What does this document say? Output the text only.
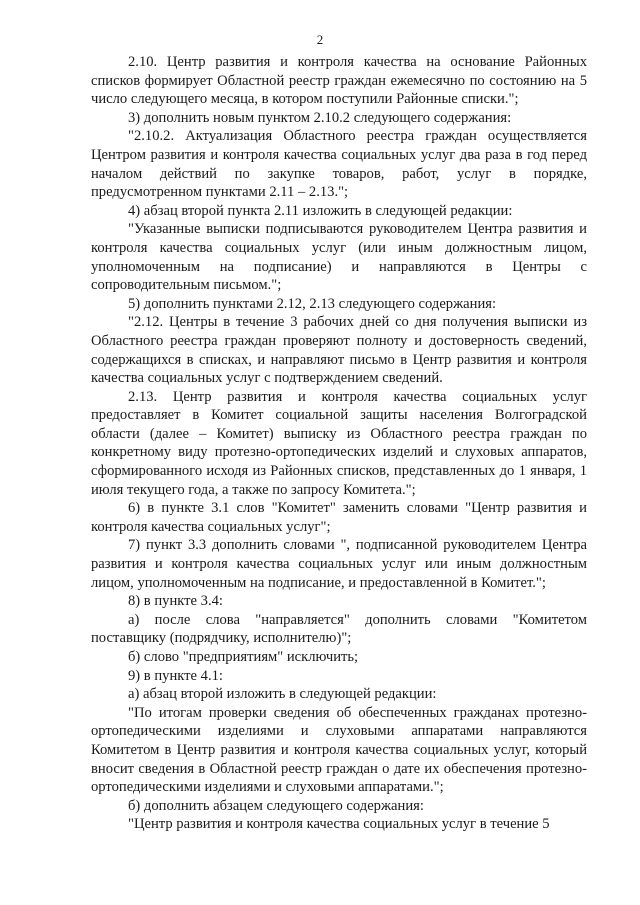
2

2.10. Центр развития и контроля качества на основание Районных списков формирует Областной реестр граждан ежемесячно по состоянию на 5 число следующего месяца, в котором поступили Районные списки.";

3) дополнить новым пунктом 2.10.2 следующего содержания:

"2.10.2. Актуализация Областного реестра граждан осуществляется Центром развития и контроля качества социальных услуг два раза в год перед началом действий по закупке товаров, работ, услуг в порядке, предусмотренном пунктами 2.11 – 2.13.";

4) абзац второй пункта 2.11 изложить в следующей редакции:

"Указанные выписки подписываются руководителем Центра развития и контроля качества социальных услуг (или иным должностным лицом, уполномоченным на подписание) и направляются в Центры с сопроводительным письмом.";

5) дополнить пунктами 2.12, 2.13 следующего содержания:

"2.12. Центры в течение 3 рабочих дней со дня получения выписки из Областного реестра граждан проверяют полноту и достоверность сведений, содержащихся в списках, и направляют письмо в Центр развития и контроля качества социальных услуг с подтверждением сведений.

2.13. Центр развития и контроля качества социальных услуг предоставляет в Комитет социальной защиты населения Волгоградской области (далее – Комитет) выписку из Областного реестра граждан по конкретному виду протезно-ортопедических изделий и слуховых аппаратов, сформированного исходя из Районных списков, представленных до 1 января, 1 июля текущего года, а также по запросу Комитета.";

6) в пункте 3.1 слов "Комитет" заменить словами "Центр развития и контроля качества социальных услуг";

7) пункт 3.3 дополнить словами ", подписанной руководителем Центра развития и контроля качества социальных услуг или иным должностным лицом, уполномоченным на подписание, и предоставленной в Комитет.";

8) в пункте 3.4:

а) после слова "направляется" дополнить словами "Комитетом поставщику (подрядчику, исполнителю)";

б) слово "предприятиям" исключить;

9) в пункте 4.1:

а) абзац второй изложить в следующей редакции:

"По итогам проверки сведения об обеспеченных гражданах протезно-ортопедическими изделиями и слуховыми аппаратами направляются Комитетом в Центр развития и контроля качества социальных услуг, который вносит сведения в Областной реестр граждан о дате их обеспечения протезно-ортопедическими изделиями и слуховыми аппаратами.";

б) дополнить абзацем следующего содержания:

"Центр развития и контроля качества социальных услуг в течение 5
